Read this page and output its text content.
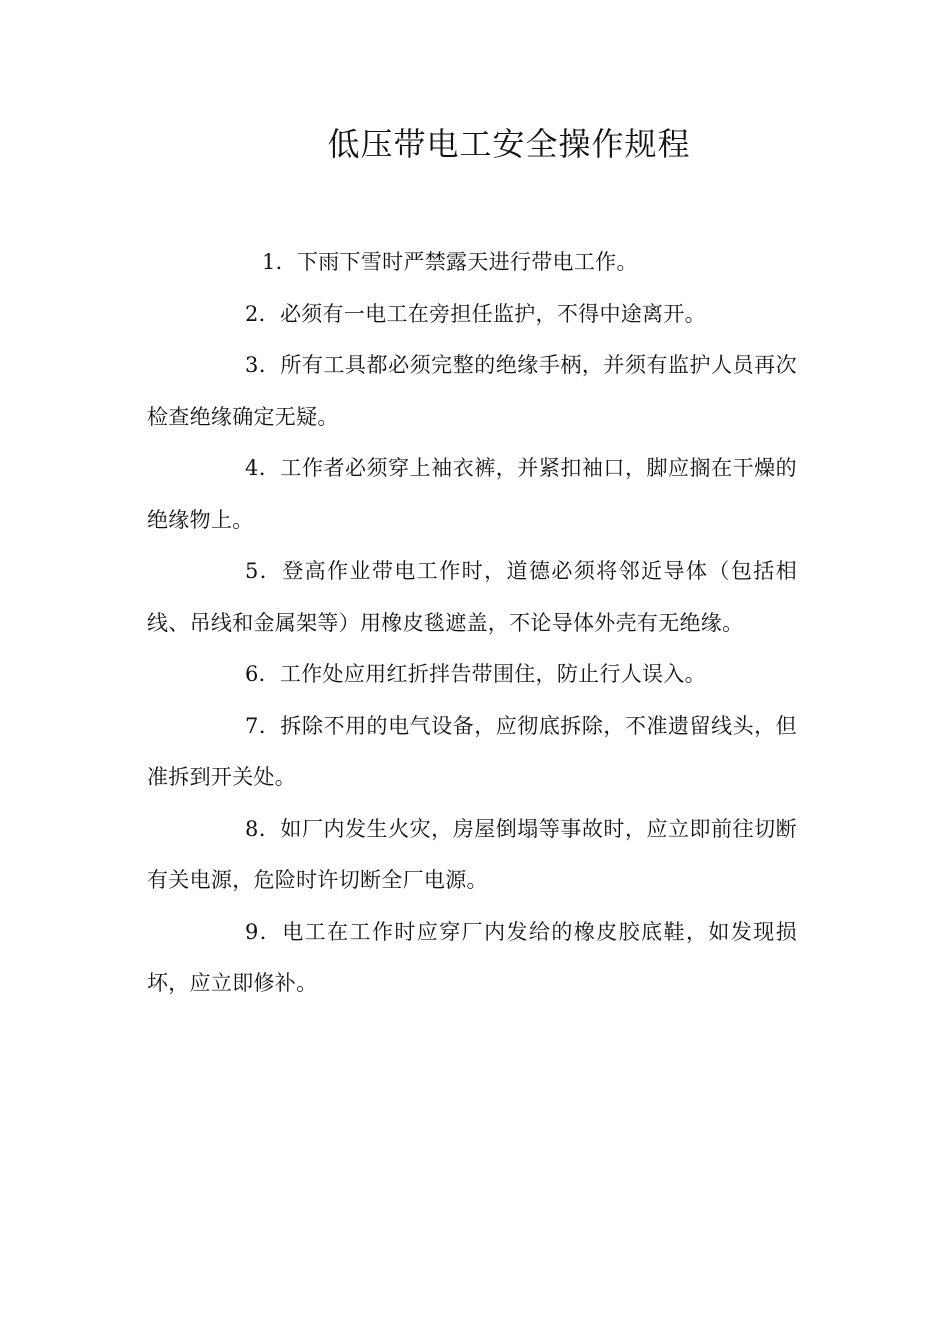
低压带电工安全操作规程

1．下雨下雪时严禁露天进行带电工作。

2．必须有一电工在旁担任监护，不得中途离开。

3．所有工具都必须完整的绝缘手柄，并须有监护人员再次检查绝缘确定无疑。

4．工作者必须穿上袖衣裤，并紧扣袖口，脚应搁在干燥的绝缘物上。

5．登高作业带电工作时，道德必须将邻近导体（包括相线、吊线和金属架等）用橡皮毯遮盖，不论导体外壳有无绝缘。

6．工作处应用红折拌告带围住，防止行人误入。

7．拆除不用的电气设备，应彻底拆除，不准遗留线头，但准拆到开关处。

8．如厂内发生火灾，房屋倒塌等事故时，应立即前往切断有关电源，危险时许切断全厂电源。

9．电工在工作时应穿厂内发给的橡皮胶底鞋，如发现损坏，应立即修补。
